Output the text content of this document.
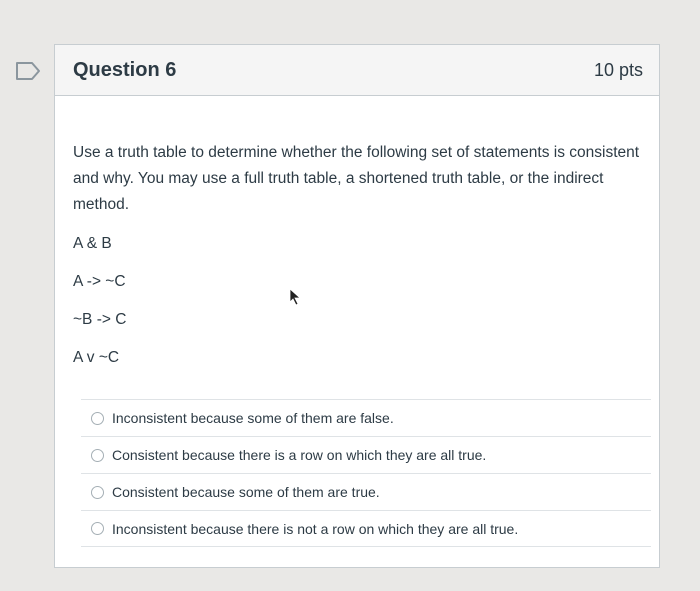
Question 6	10 pts

Use a truth table to determine whether the following set of statements is consistent and why. You may use a full truth table, a shortened truth table, or the indirect method.

A & B
A -> ~C
~B -> C
A v ~C
Inconsistent because some of them are false.
Consistent because there is a row on which they are all true.
Consistent because some of them are true.
Inconsistent because there is not a row on which they are all true.
